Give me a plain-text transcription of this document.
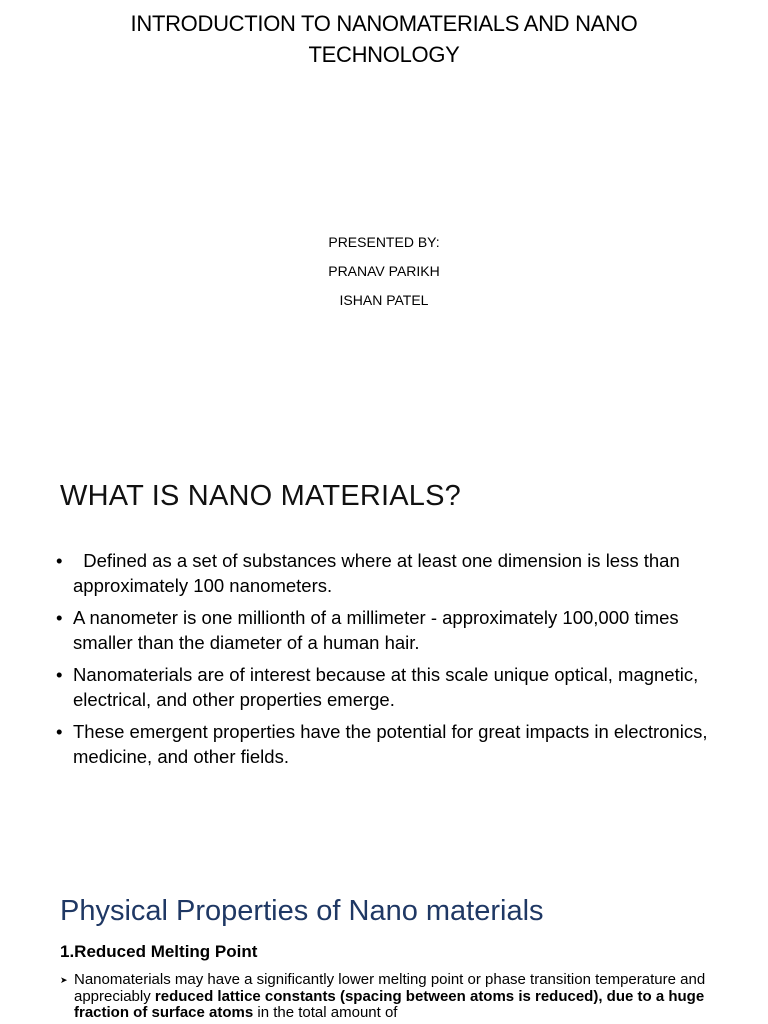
INTRODUCTION TO NANOMATERIALS AND NANO TECHNOLOGY
PRESENTED BY:
PRANAV PARIKH
ISHAN PATEL
WHAT IS NANO MATERIALS?
• Defined as a set of substances where at least one dimension is less than approximately 100 nanometers.
• A nanometer is one millionth of a millimeter - approximately 100,000 times smaller than the diameter of a human hair.
• Nanomaterials are of interest because at this scale unique optical, magnetic, electrical, and other properties emerge.
• These emergent properties have the potential for great impacts in electronics, medicine, and other fields.
Physical Properties of Nano materials
1.Reduced Melting Point
➤ Nanomaterials may have a significantly lower melting point or phase transition temperature and appreciably reduced lattice constants (spacing between atoms is reduced), due to a huge fraction of surface atoms in the total amount of
